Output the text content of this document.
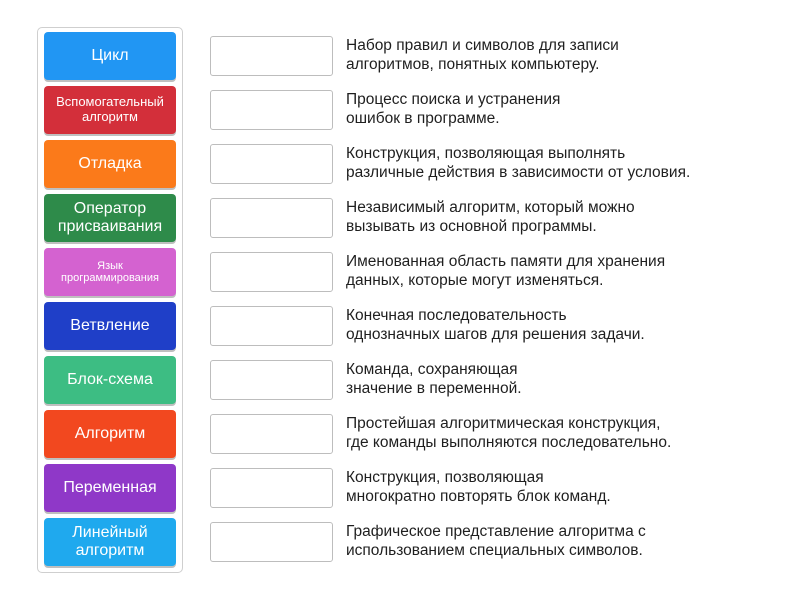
Цикл
Вспомогательный алгоритм
Отладка
Оператор присваивания
Язык программирования
Ветвление
Блок-схема
Алгоритм
Переменная
Линейный алгоритм
Набор правил и символов для записи
алгоритмов, понятных компьютеру.
Процесс поиска и устранения
ошибок в программе.
Конструкция, позволяющая выполнять
различные действия в зависимости от условия.
Независимый алгоритм, который можно
вызывать из основной программы.
Именованная область памяти для хранения
данных, которые могут изменяться.
Конечная последовательность
однозначных шагов для решения задачи.
Команда, сохраняющая
значение в переменной.
Простейшая алгоритмическая конструкция,
где команды выполняются последовательно.
Конструкция, позволяющая
многократно повторять блок команд.
Графическое представление алгоритма с
использованием специальных символов.
